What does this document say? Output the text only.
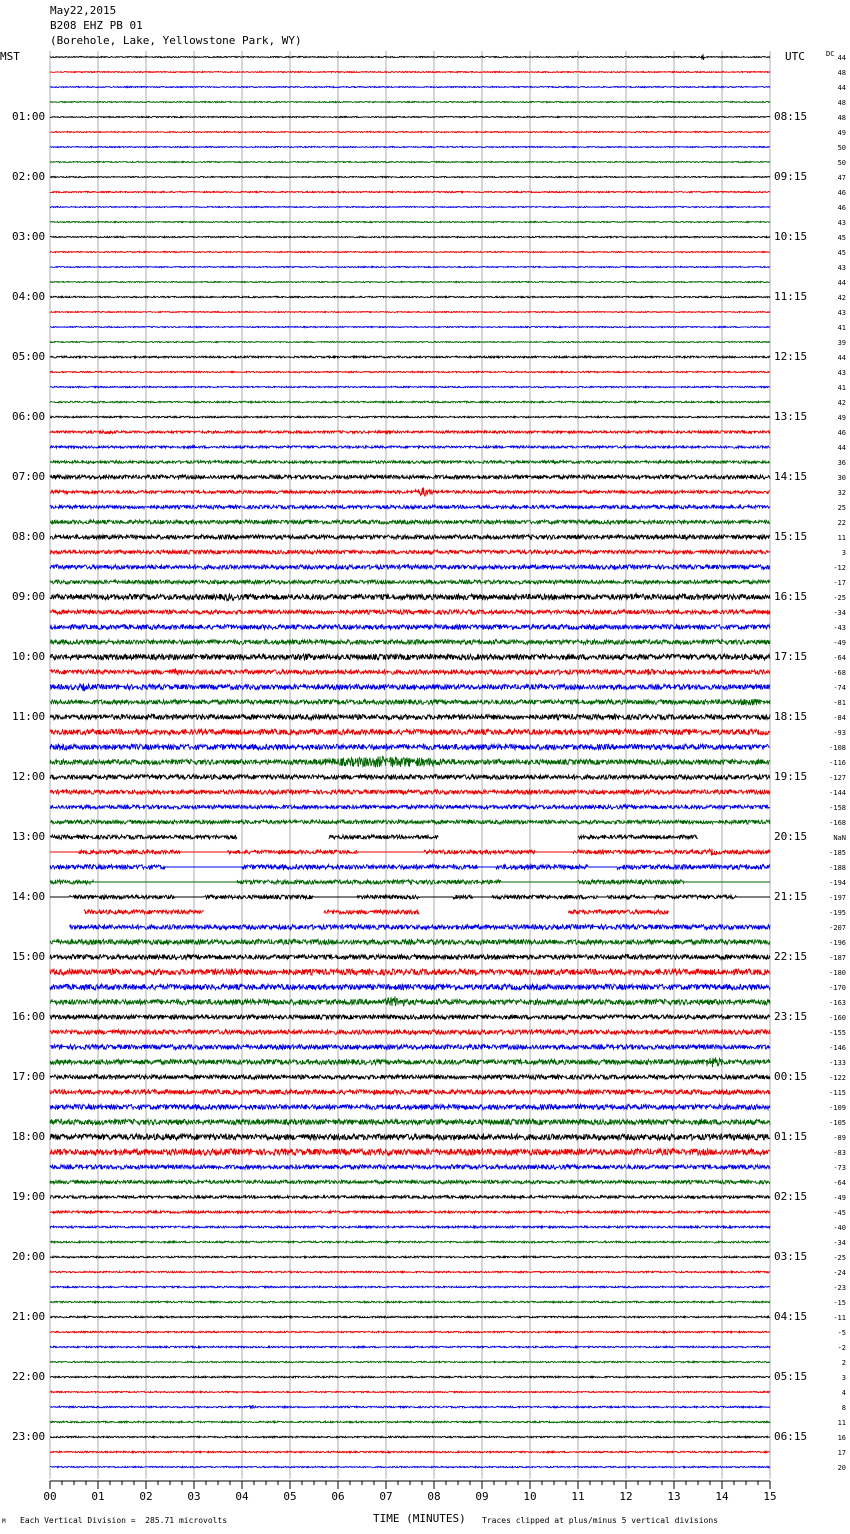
May22,2015
B208 EHZ PB 01
(Borehole, Lake, Yellowstone Park, WY)
MST	UTC	DC
00	01	02	03	04	05	06	07	08	09	10	11	12	13	14	15
01:00
02:00
03:00
04:00
05:00
06:00
07:00
08:00
09:00
10:00
11:00
12:00
13:00
14:00
15:00
16:00
17:00
18:00
19:00
20:00
21:00
22:00
23:00
08:15
09:15
10:15
11:15
12:15
13:15
14:15
15:15
16:15
17:15
18:15
19:15
20:15
21:15
22:15
23:15
00:15
01:15
02:15
03:15
04:15
05:15
06:15
44
48
44
48
48
49
50
50
47
46
46
43
45
45
43
44
42
43
41
39
44
43
41
42
49
46
44
36
30
32
25
22
11
3
-12
-17
-25
-34
-43
-49
-64
-68
-74
-81
-84
-93
-108
-116
-127
-144
-158
-168
NaN
-185
-188
-194
-197
-195
-207
-196
-187
-180
-170
-163
-160
-155
-146
-133
-122
-115
-109
-105
-89
-83
-73
-64
-49
-45
-40
-34
-25
-24
-23
-15
-11
-5
-2
2
3
4
8
11
16
17
20
M Each Vertical Division =  285.71 microvolts	TIME (MINUTES) Traces clipped at plus/minus 5 vertical divisions
